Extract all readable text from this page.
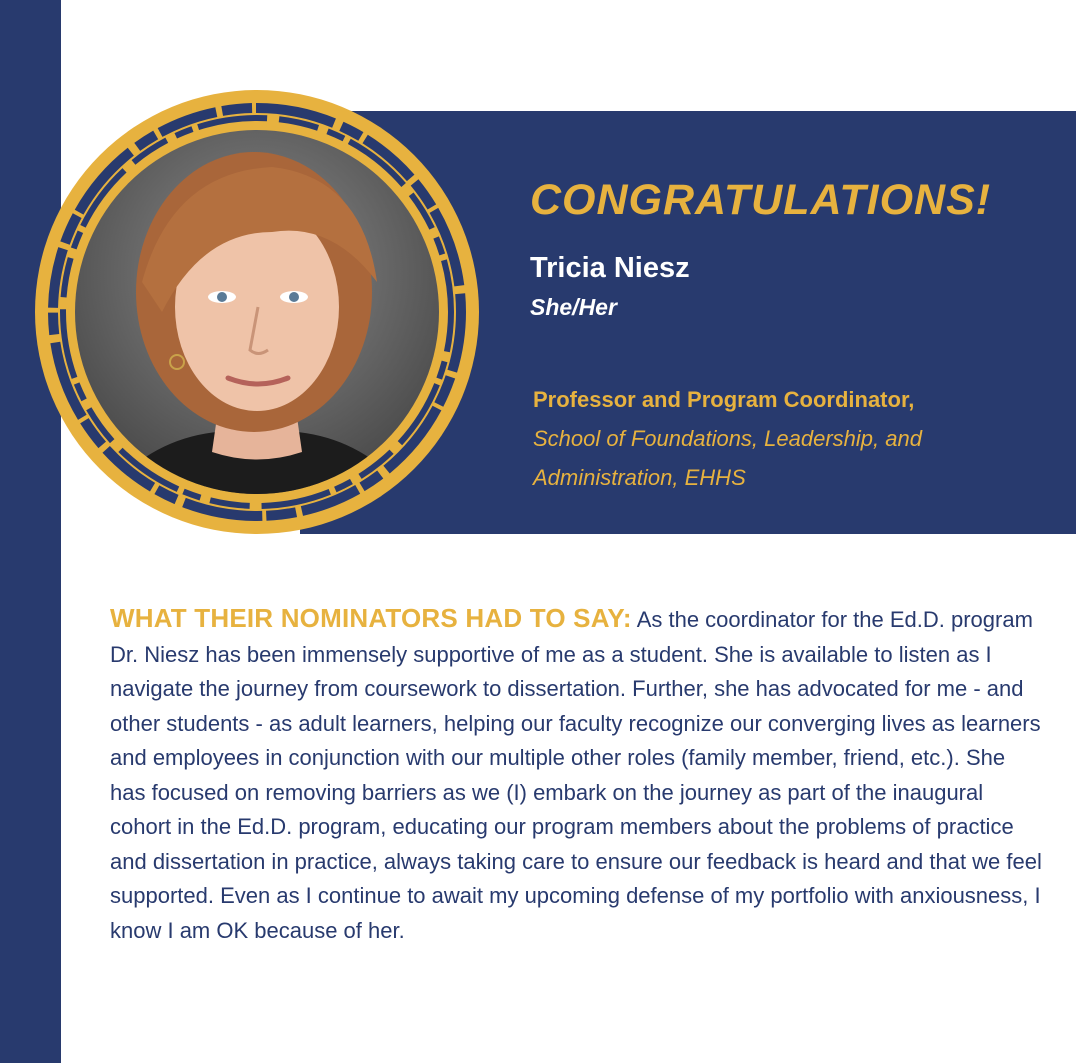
CONGRATULATIONS!
Tricia Niesz
She/Her
Professor and Program Coordinator,
School of Foundations, Leadership, and Administration, EHHS

WHAT THEIR NOMINATORS HAD TO SAY: As the coordinator for the Ed.D. program Dr. Niesz has been immensely supportive of me as a student. She is available to listen as I navigate the journey from coursework to dissertation. Further, she has advocated for me - and other students - as adult learners, helping our faculty recognize our converging lives as learners and employees in conjunction with our multiple other roles (family member, friend, etc.). She has focused on removing barriers as we (I) embark on the journey as part of the inaugural cohort in the Ed.D. program, educating our program members about the problems of practice and dissertation in practice, always taking care to ensure our feedback is heard and that we feel supported. Even as I continue to await my upcoming defense of my portfolio with anxiousness, I know I am OK because of her.
